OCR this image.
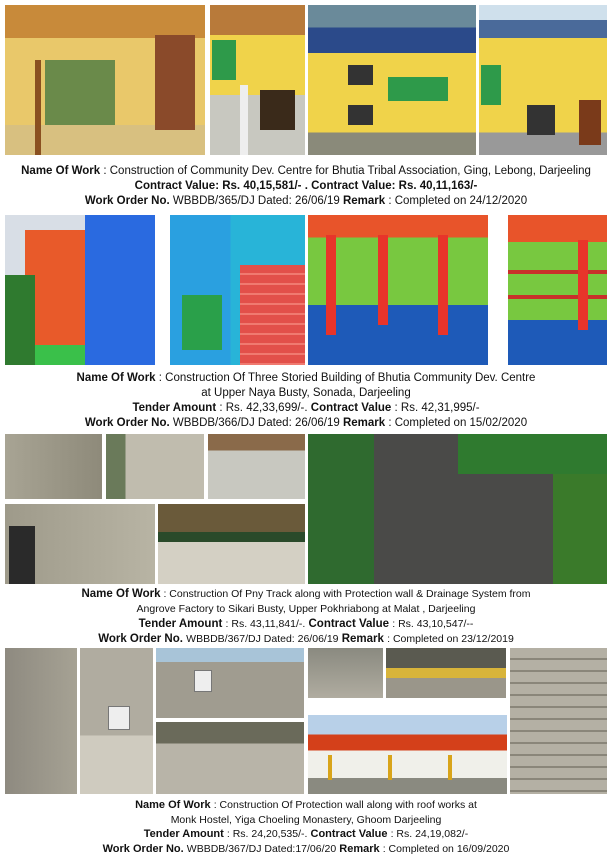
Name Of Work : Construction of Community Dev. Centre for Bhutia Tribal Association, Ging, Lebong, Darjeeling
Contract Value: Rs. 40,15,581/- . Contract Value: Rs. 40,11,163/-
Work Order No. WBBDB/365/DJ Dated: 26/06/19 Remark : Completed on 24/12/2020
Name Of Work : Construction Of Three Storied Building of Bhutia Community Dev. Centre
at Upper Naya Busty, Sonada, Darjeeling
Tender Amount : Rs. 42,33,699/-. Contract Value : Rs. 42,31,995/-
Work Order No. WBBDB/366/DJ Dated: 26/06/19 Remark : Completed on 15/02/2020
Name Of Work : Construction Of Pny Track along with Protection wall & Drainage System from
Angrove Factory to Sikari Busty, Upper Pokhriabong at Malat , Darjeeling
Tender Amount : Rs. 43,11,841/-. Contract Value : Rs. 43,10,547/--
Work Order No. WBBDB/367/DJ Dated: 26/06/19 Remark : Completed on 23/12/2019
Name Of Work : Construction Of Protection wall along with roof works at
Monk Hostel, Yiga Choeling Monastery, Ghoom Darjeeling
Tender Amount : Rs. 24,20,535/-. Contract Value : Rs. 24,19,082/-
Work Order No. WBBDB/367/DJ Dated:17/06/20 Remark : Completed on 16/09/2020
